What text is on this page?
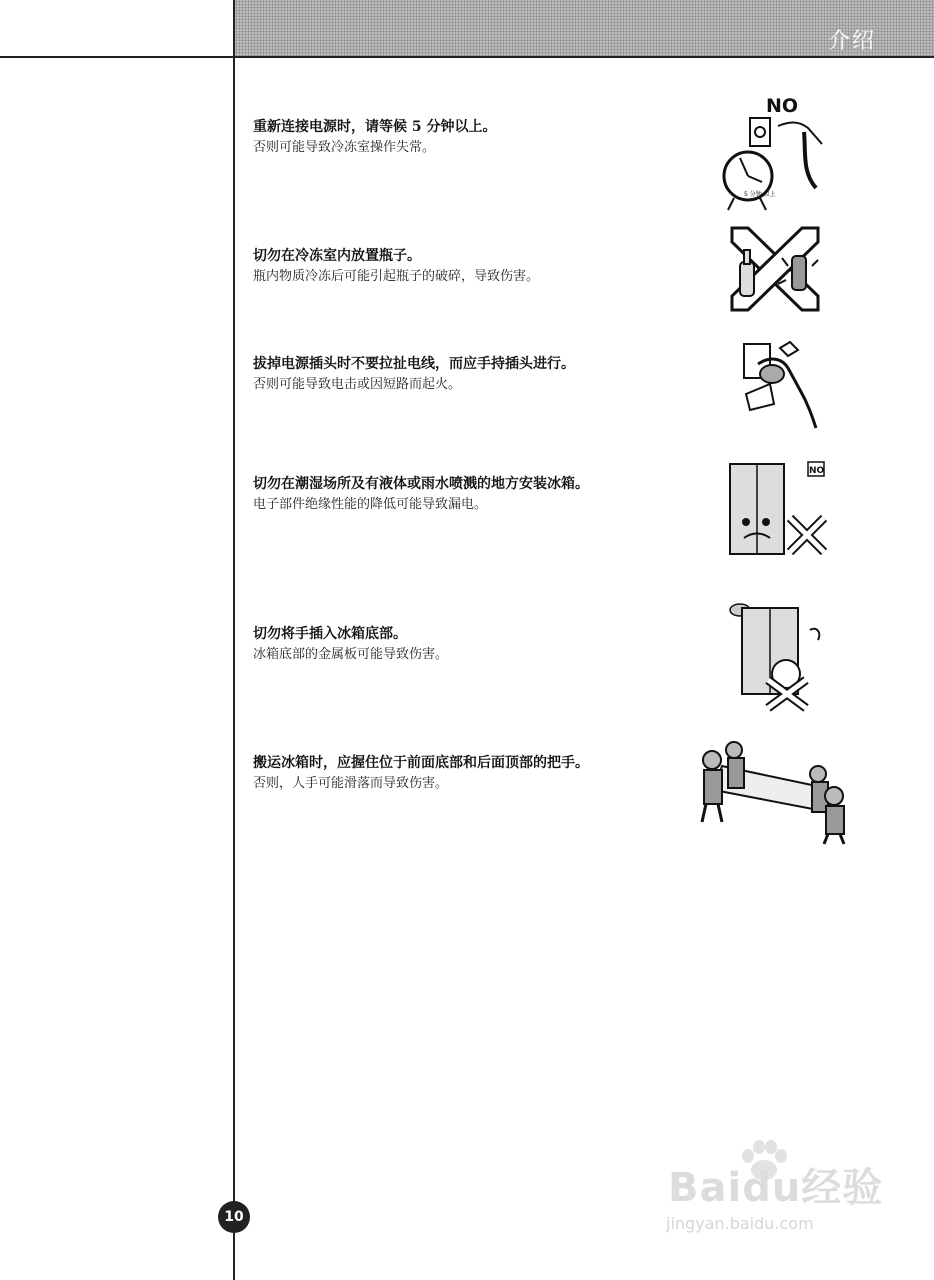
介绍
重新连接电源时，请等候 5 分钟以上。
否则可能导致冷冻室操作失常。
NO
5 分钟 以上
切勿在冷冻室内放置瓶子。
瓶内物质冷冻后可能引起瓶子的破碎，导致伤害。
拔掉电源插头时不要拉扯电线，而应手持插头进行。
否则可能导致电击或因短路而起火。
切勿在潮湿场所及有液体或雨水喷溅的地方安装冰箱。
电子部件绝缘性能的降低可能导致漏电。
NO
切勿将手插入冰箱底部。
冰箱底部的金属板可能导致伤害。
搬运冰箱时，应握住位于前面底部和后面顶部的把手。
否则，人手可能滑落而导致伤害。
10
Baidu经验
jingyan.baidu.com
